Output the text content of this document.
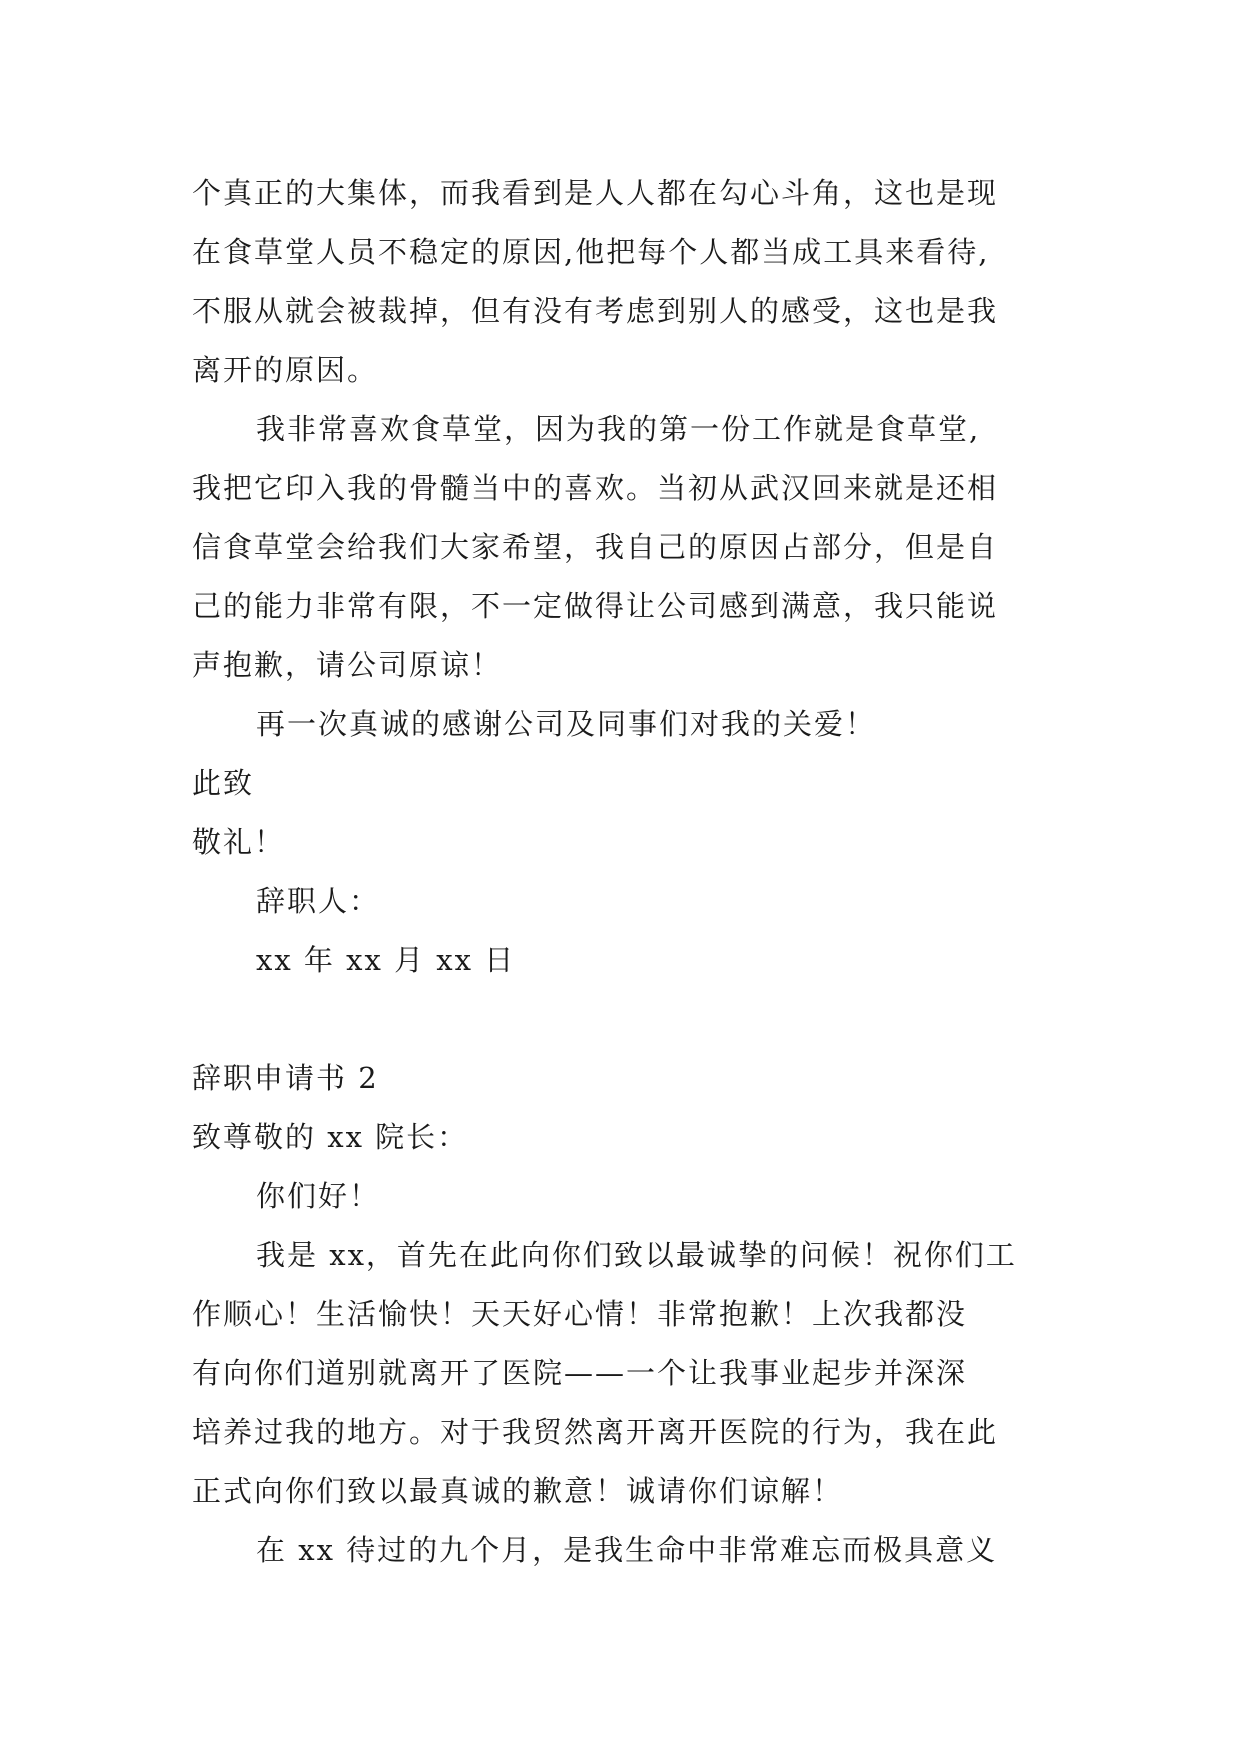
个真正的大集体，而我看到是人人都在勾心斗角，这也是现
在食草堂人员不稳定的原因,他把每个人都当成工具来看待,
不服从就会被裁掉，但有没有考虑到别人的感受，这也是我
离开的原因。
我非常喜欢食草堂，因为我的第一份工作就是食草堂,
我把它印入我的骨髓当中的喜欢。当初从武汉回来就是还相
信食草堂会给我们大家希望，我自己的原因占部分，但是自
己的能力非常有限，不一定做得让公司感到满意，我只能说
声抱歉，请公司原谅！
再一次真诚的感谢公司及同事们对我的关爱！
此致
敬礼！
辞职人：
xx 年 xx 月 xx 日
辞职申请书 2
致尊敬的 xx 院长：
你们好！
我是 xx，首先在此向你们致以最诚挚的问候！祝你们工
作顺心！生活愉快！天天好心情！非常抱歉！上次我都没
有向你们道别就离开了医院——一个让我事业起步并深深
培养过我的地方。对于我贸然离开离开医院的行为，我在此
正式向你们致以最真诚的歉意！诚请你们谅解！
在 xx 待过的九个月，是我生命中非常难忘而极具意义
